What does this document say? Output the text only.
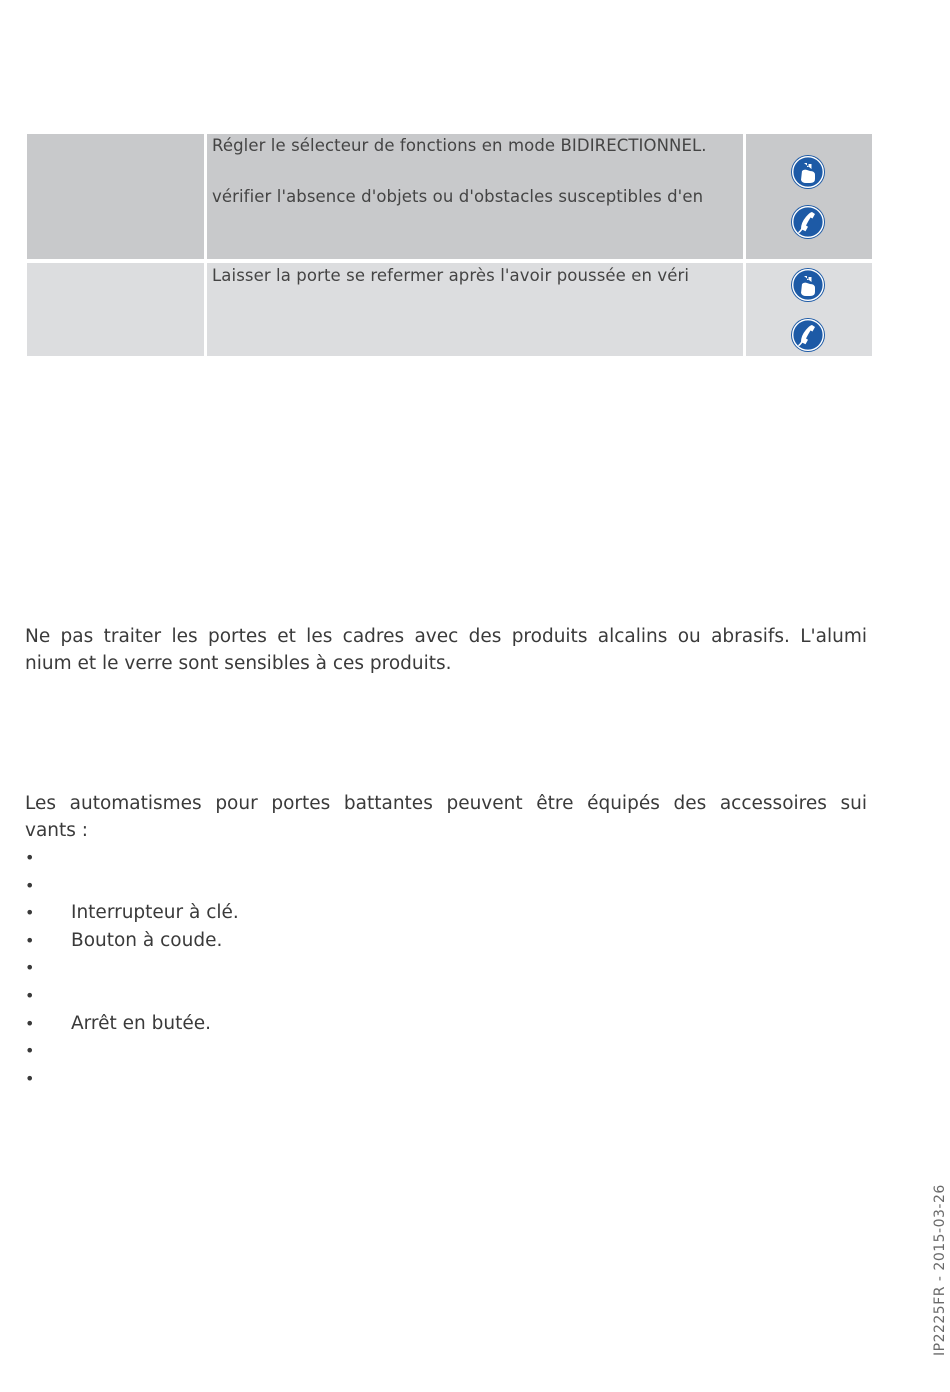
Régler le sélecteur de fonctions en mode BIDIRECTIONNEL.
vérifier l'absence d'objets ou d'obstacles susceptibles d'en
Laisser la porte se refermer après l'avoir poussée en véri
Ne pas traiter les portes et les cadres avec des produits alcalins ou abrasifs. L'alumi
nium et le verre sont sensibles à ces produits.
Les automatismes pour portes battantes peuvent être équipés des accessoires sui
vants :
•
•
• Interrupteur à clé.
• Bouton à coude.
•
•
• Arrêt en butée.
•
•
IP2225FR - 2015-03-26
